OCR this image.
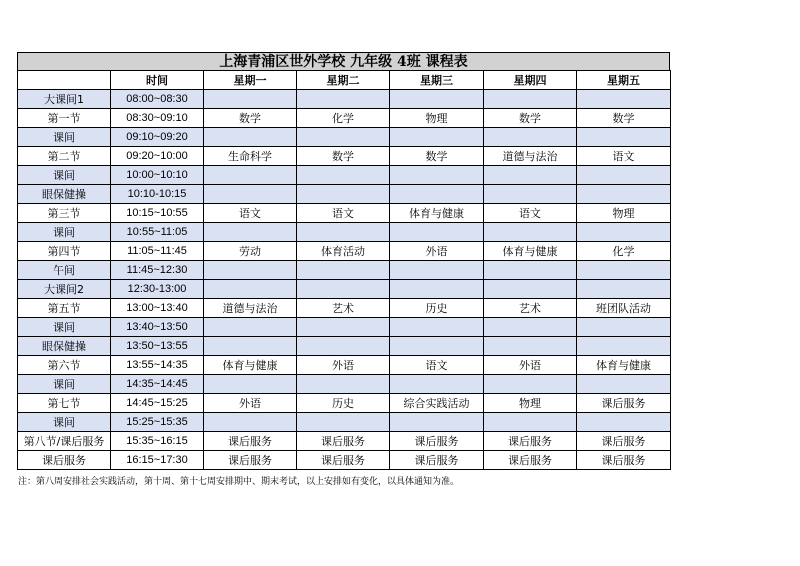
上海青浦区世外学校 九年级 4班 课程表
	时间	星期一	星期二	星期三	星期四	星期五
大课间1	08:00~08:30					
第一节	08:30~09:10	数学	化学	物理	数学	数学
课间	09:10~09:20					
第二节	09:20~10:00	生命科学	数学	数学	道德与法治	语文
课间	10:00~10:10					
眼保健操	10:10-10:15					
第三节	10:15~10:55	语文	语文	体育与健康	语文	物理
课间	10:55~11:05					
第四节	11:05~11:45	劳动	体育活动	外语	体育与健康	化学
午间	11:45~12:30					
大课间2	12:30-13:00					
第五节	13:00~13:40	道德与法治	艺术	历史	艺术	班团队活动
课间	13:40~13:50					
眼保健操	13:50~13:55					
第六节	13:55~14:35	体育与健康	外语	语文	外语	体育与健康
课间	14:35~14:45					
第七节	14:45~15:25	外语	历史	综合实践活动	物理	课后服务
课间	15:25~15:35					
第八节/课后服务	15:35~16:15	课后服务	课后服务	课后服务	课后服务	课后服务
课后服务	16:15~17:30	课后服务	课后服务	课后服务	课后服务	课后服务
注：第八周安排社会实践活动，第十周、第十七周安排期中、期末考试，以上安排如有变化，以具体通知为准。
